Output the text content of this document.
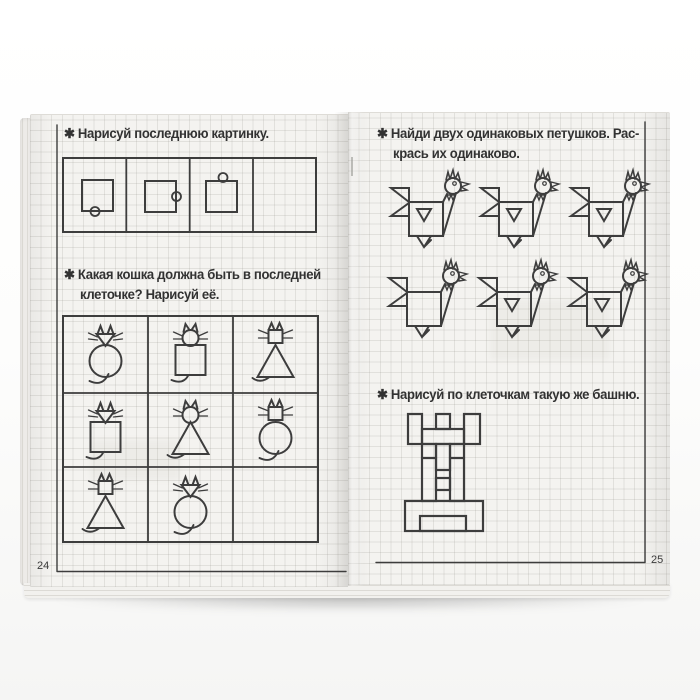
✱ Нарисуй последнюю картинку.
✱ Какая кошка должна быть в последней
клеточке? Нарисуй её.
✱ Найди двух одинаковых петушков. Рас-
крась их одинаково.
✱ Нарисуй по клеточкам такую же башню.
24	25
